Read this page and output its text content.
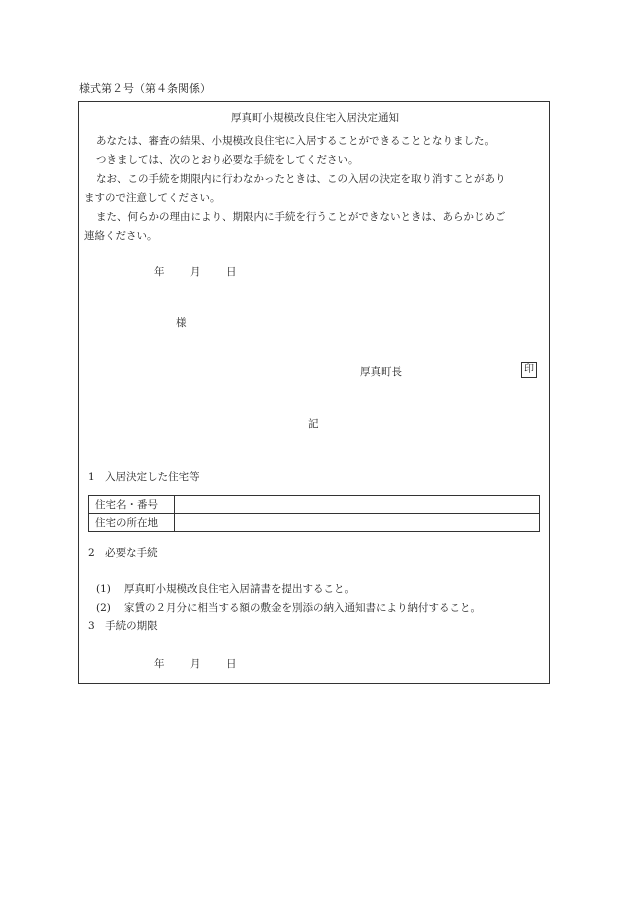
様式第２号（第４条関係）
厚真町小規模改良住宅入居決定通知
あなたは、審査の結果、小規模改良住宅に入居することができることとなりました。
つきましては、次のとおり必要な手続をしてください。
なお、この手続を期限内に行わなかったときは、この入居の決定を取り消すことがあり
ますので注意してください。
また、何らかの理由により、期限内に手続を行うことができないときは、あらかじめご
連絡ください。
年 月 日
様
厚真町長	印
記
1　入居決定した住宅等
住宅名・番号	
住宅の所在地	
2　必要な手続
(1) 厚真町小規模改良住宅入居請書を提出すること。
(2) 家賃の２月分に相当する額の敷金を別添の納入通知書により納付すること。
3　手続の期限
年 月 日
